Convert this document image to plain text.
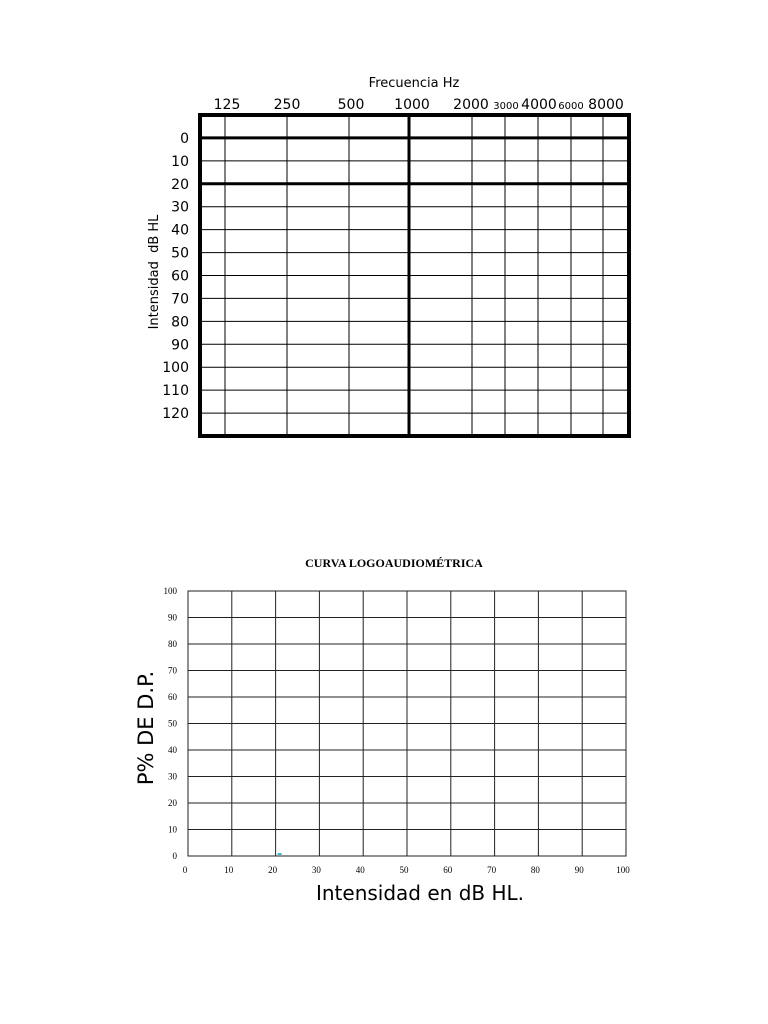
0
10
20
30
40
50
60
70
80
90
100
110
120
125 250	500 1000 2000 3000 4000 6000 8000
Frecuencia Hz
Intensidad  dB HL
CURVA LOGOAUDIOMÉTRICA
0
10
20
30
40
50
60
70
80
90
100
0	10	20	30	40	50	60	70	80	90	100
Intensidad en dB HL.
P% DE D.P.
